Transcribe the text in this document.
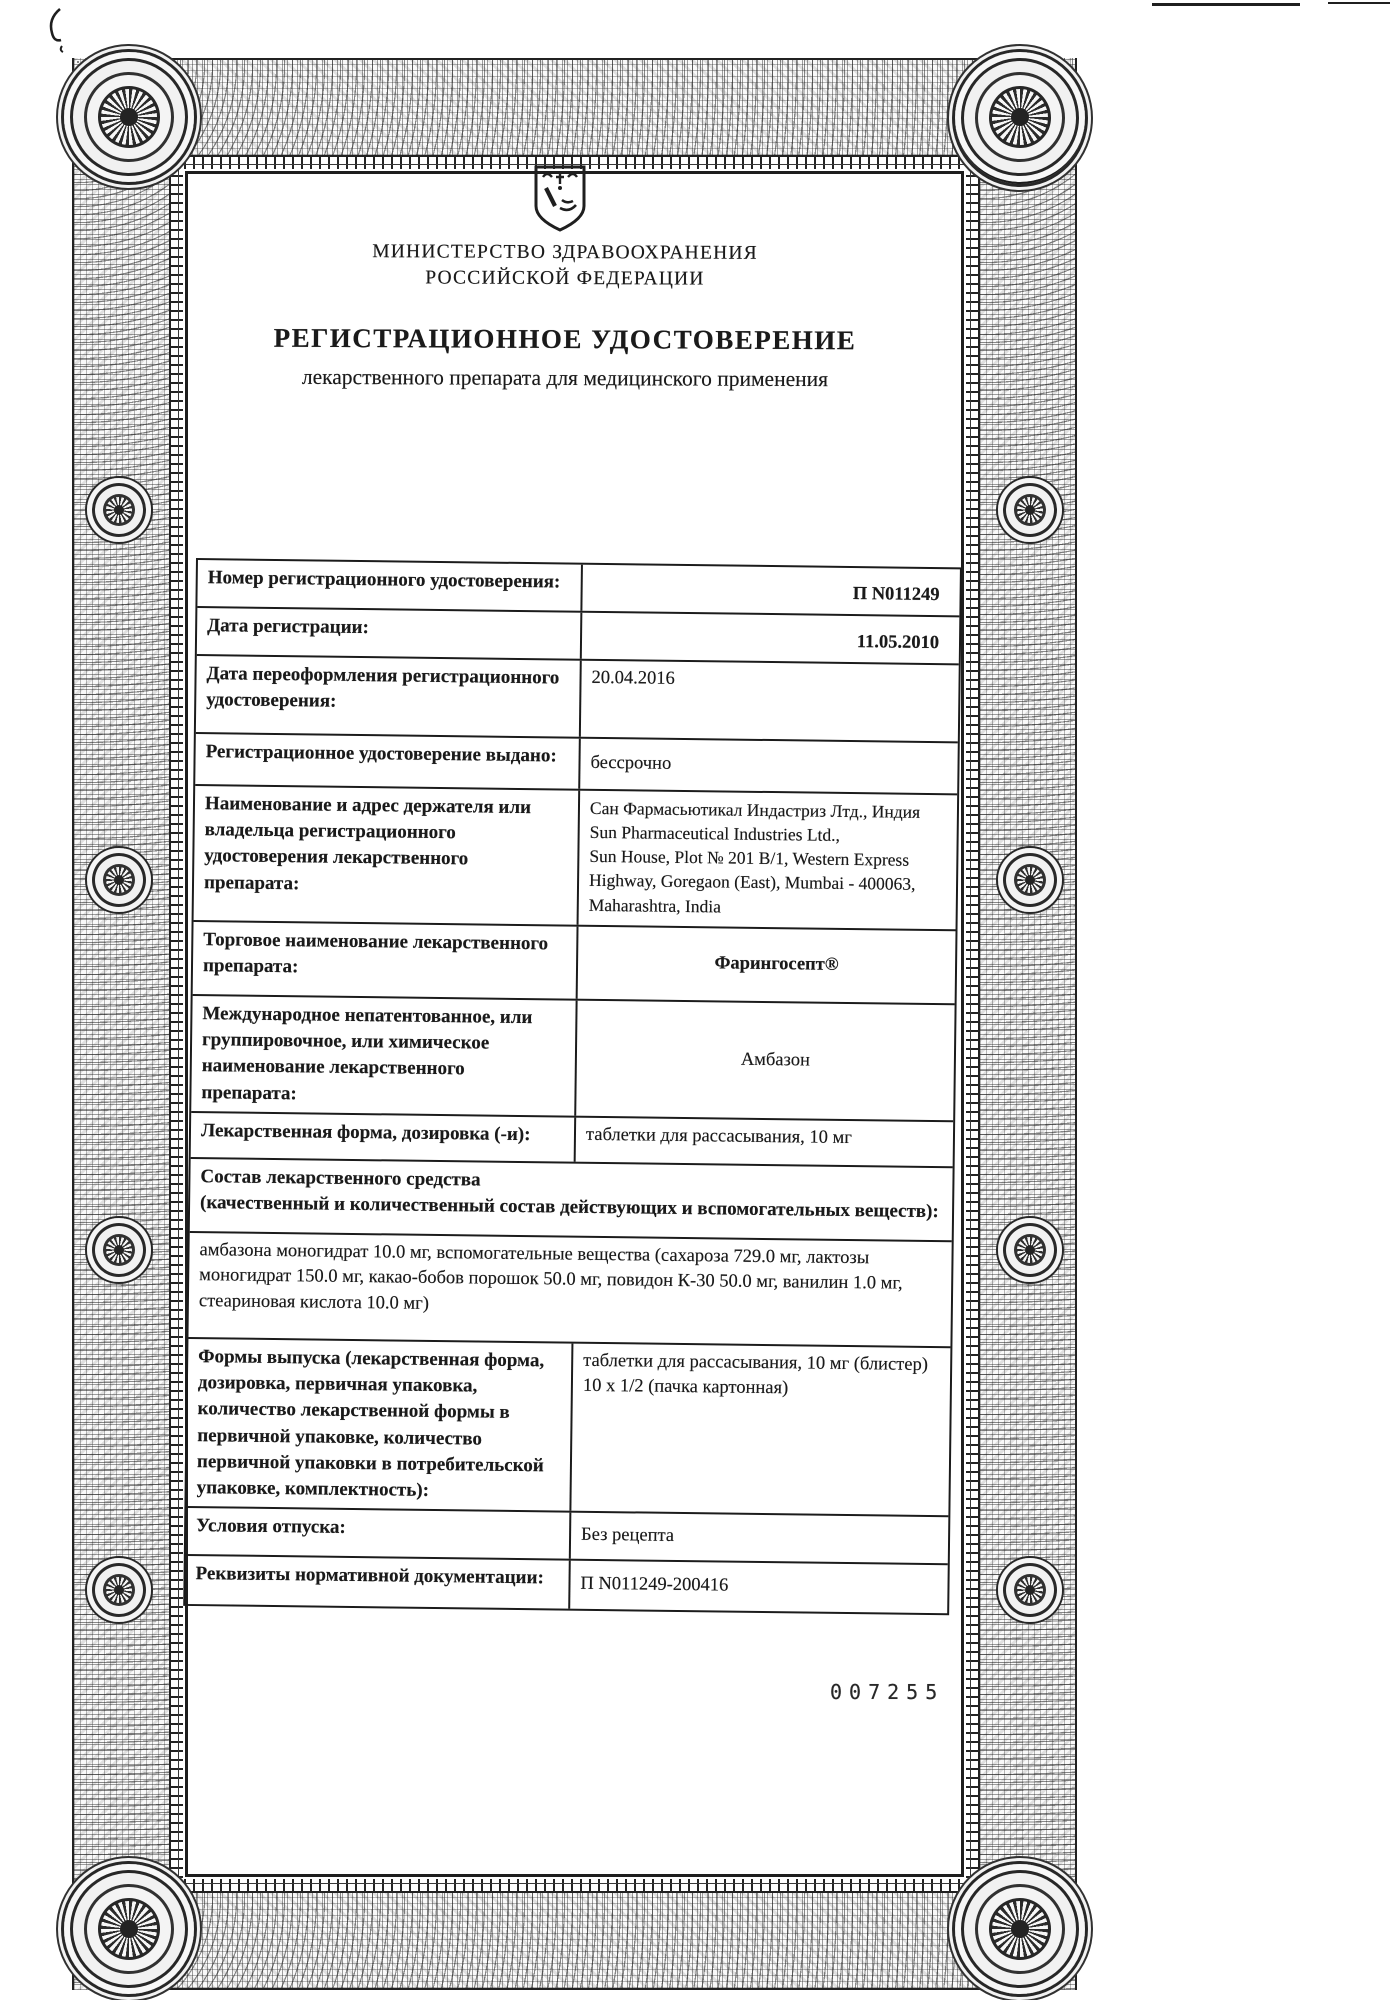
МИНИСТЕРСТВО ЗДРАВООХРАНЕНИЯ
РОССИЙСКОЙ ФЕДЕРАЦИИ
РЕГИСТРАЦИОННОЕ УДОСТОВЕРЕНИЕ
лекарственного препарата для медицинского применения
Номер регистрационного удостоверения:
П N011249
Дата регистрации:
11.05.2010
Дата переоформления регистрационного
удостоверения:
20.04.2016
Регистрационное удостоверение выдано:	бессрочно
Наименование и адрес держателя или
владельца регистрационного
удостоверения лекарственного препарата:
Сан Фармасьютикал Индастриз Лтд., Индия
Sun Pharmaceutical Industries Ltd.,
Sun House, Plot № 201 B/1, Western Express
Highway, Goregaon (East), Mumbai - 400063,
Maharashtra, India
Торговое наименование лекарственного
препарата:	Фарингосепт®
Международное непатентованное, или
группировочное, или химическое
наименование лекарственного препарата:
Амбазон
Лекарственная форма, дозировка (-и):	таблетки для рассасывания, 10 мг
Состав лекарственного средства
(качественный и количественный состав действующих и вспомогательных веществ):
амбазона моногидрат 10.0 мг, вспомогательные вещества (сахароза 729.0 мг, лактозы моногидрат 150.0 мг, какао-бобов порошок 50.0 мг, повидон К-30 50.0 мг, ванилин 1.0 мг, стеариновая кислота 10.0 мг)
Формы выпуска (лекарственная форма,
дозировка, первичная упаковка,
количество лекарственной формы в
первичной упаковке, количество
первичной упаковки в потребительской
упаковке, комплектность):
таблетки для рассасывания, 10 мг (блистер)
10 x 1/2 (пачка картонная)
Условия отпуска:	Без рецепта
Реквизиты нормативной документации:	П N011249-200416
007255
